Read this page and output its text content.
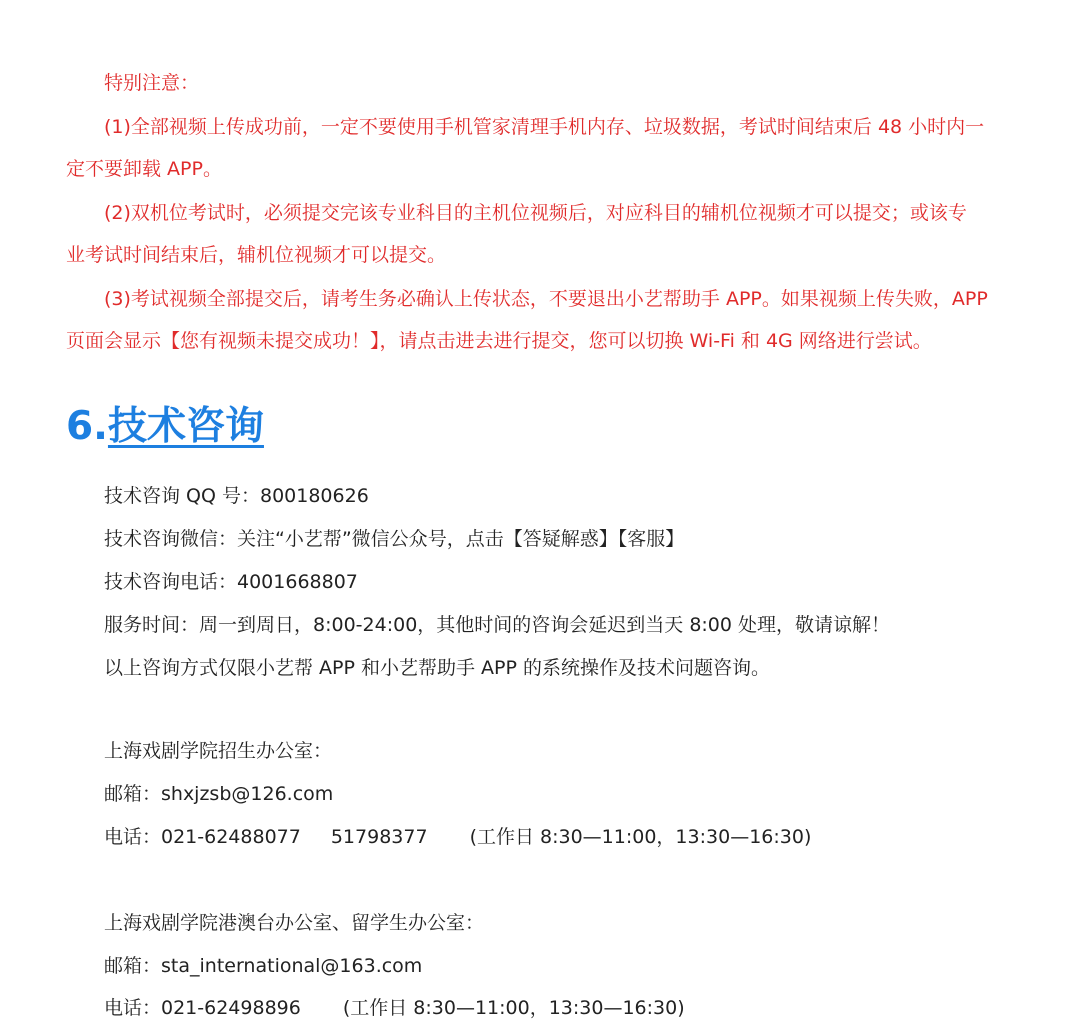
特别注意：
(1)全部视频上传成功前，一定不要使用手机管家清理手机内存、垃圾数据，考试时间结束后 48 小时内一
定不要卸载 APP。
(2)双机位考试时，必须提交完该专业科目的主机位视频后，对应科目的辅机位视频才可以提交；或该专
业考试时间结束后，辅机位视频才可以提交。
(3)考试视频全部提交后，请考生务必确认上传状态，不要退出小艺帮助手 APP。如果视频上传失败，APP
页面会显示【您有视频未提交成功！】，请点击进去进行提交，您可以切换 Wi-Fi 和 4G 网络进行尝试。
6.技术咨询
技术咨询 QQ 号：800180626
技术咨询微信：关注“小艺帮”微信公众号，点击【答疑解惑】【客服】
技术咨询电话：4001668807
服务时间：周一到周日，8:00-24:00，其他时间的咨询会延迟到当天 8:00 处理，敬请谅解！
以上咨询方式仅限小艺帮 APP 和小艺帮助手 APP 的系统操作及技术问题咨询。
上海戏剧学院招生办公室：
邮箱：shxjzsb@126.com
电话：021-62488077 51798377 (工作日 8:30—11:00，13:30—16:30)
上海戏剧学院港澳台办公室、留学生办公室：
邮箱：sta_international@163.com
电话：021-62498896 (工作日 8:30—11:00，13:30—16:30)
